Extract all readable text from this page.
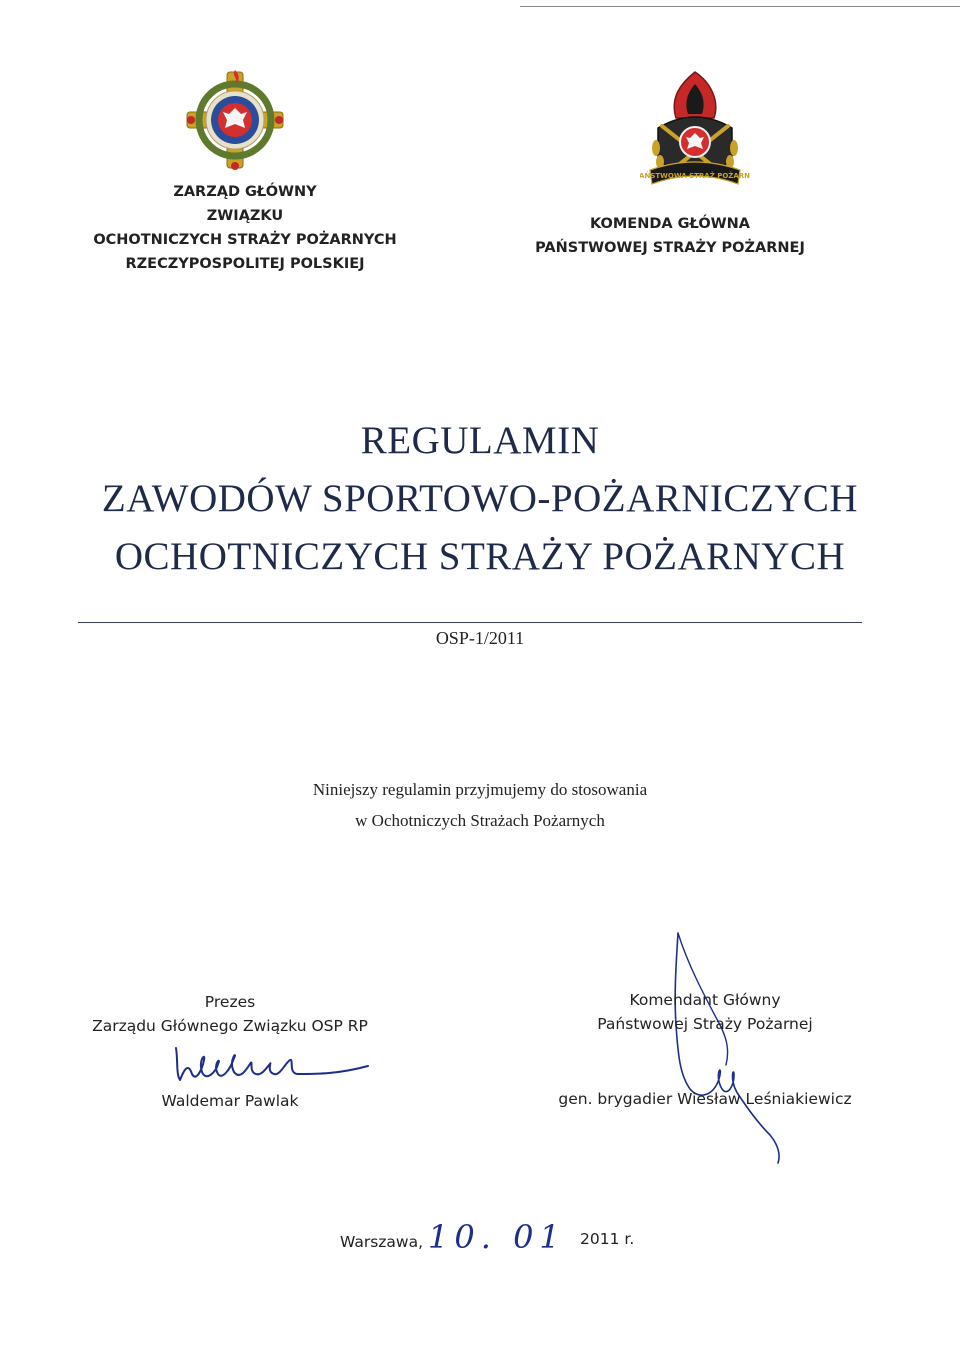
ZARZĄD GŁÓWNY
ZWIĄZKU
OCHOTNICZYCH STRAŻY POŻARNYCH
RZECZYPOSPOLITEJ POLSKIEJ
PAŃSTWOWA STRAŻ POŻARNA
KOMENDA GŁÓWNA
PAŃSTWOWEJ STRAŻY POŻARNEJ
REGULAMIN
ZAWODÓW SPORTOWO-POŻARNICZYCH
OCHOTNICZYCH STRAŻY POŻARNYCH
OSP-1/2011
Niniejszy regulamin przyjmujemy do stosowania
w Ochotniczych Strażach Pożarnych
Prezes
Zarządu Głównego Związku OSP RP
Waldemar Pawlak
Komendant Główny
Państwowej Straży Pożarnej
gen. brygadier Wiesław Leśniakiewicz
Warszawa, 10. 01 2011 r.
